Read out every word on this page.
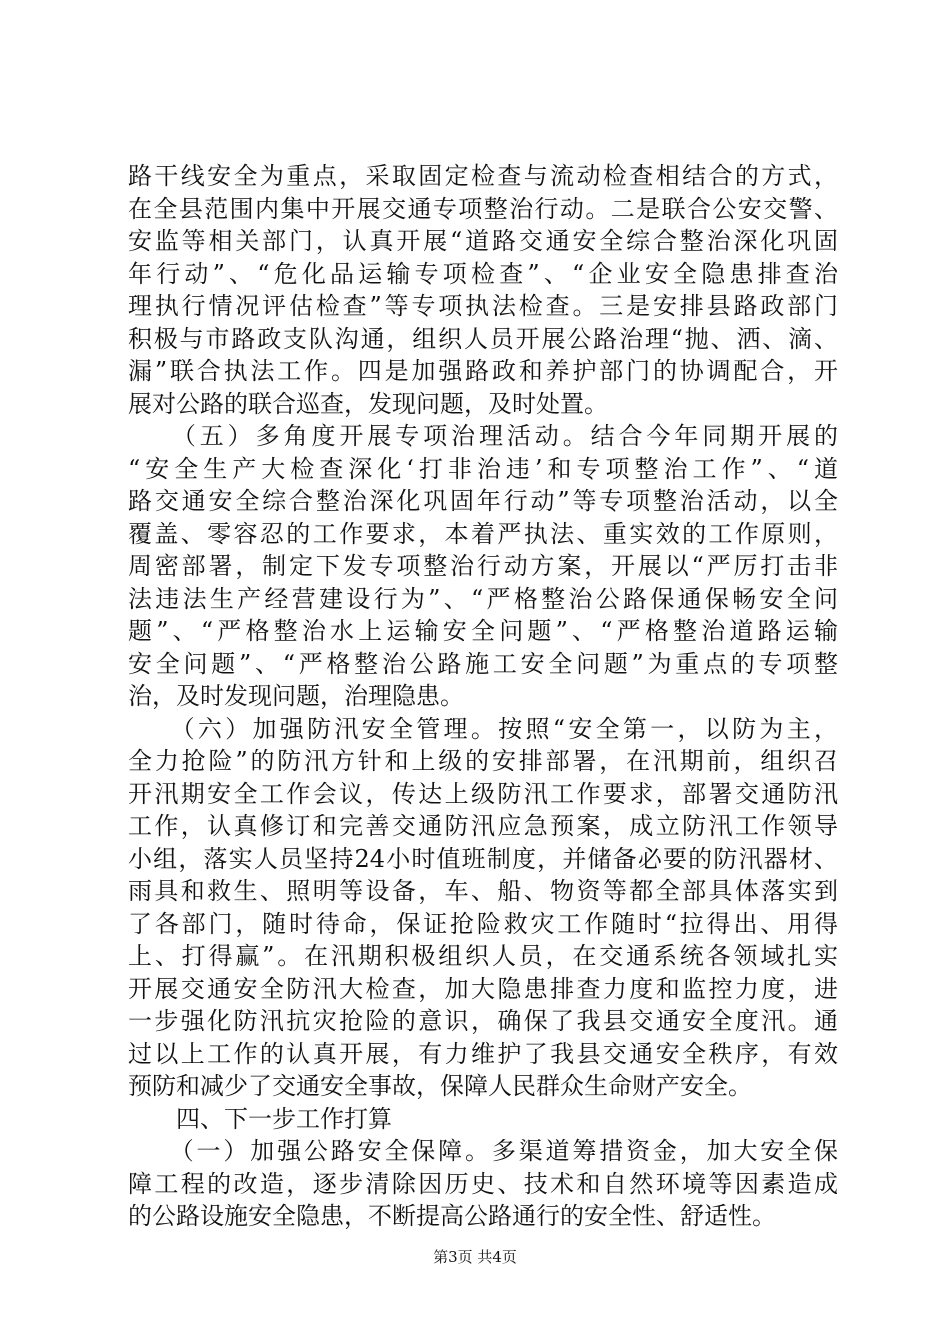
路干线安全为重点，采取固定检查与流动检查相结合的方式，
在全县范围内集中开展交通专项整治行动。二是联合公安交警、
安监等相关部门，认真开展“道路交通安全综合整治深化巩固
年行动”、“危化品运输专项检查”、“企业安全隐患排查治
理执行情况评估检查”等专项执法检查。三是安排县路政部门
积极与市路政支队沟通，组织人员开展公路治理“抛、洒、滴、
漏”联合执法工作。四是加强路政和养护部门的协调配合，开
展对公路的联合巡查，发现问题，及时处置。
　　（五）多角度开展专项治理活动。结合今年同期开展的
“安全生产大检查深化‘打非治违’和专项整治工作”、“道
路交通安全综合整治深化巩固年行动”等专项整治活动，以全
覆盖、零容忍的工作要求，本着严执法、重实效的工作原则，
周密部署，制定下发专项整治行动方案，开展以“严厉打击非
法违法生产经营建设行为”、“严格整治公路保通保畅安全问
题”、“严格整治水上运输安全问题”、“严格整治道路运输
安全问题”、“严格整治公路施工安全问题”为重点的专项整
治，及时发现问题，治理隐患。
　　（六）加强防汛安全管理。按照“安全第一，以防为主，
全力抢险”的防汛方针和上级的安排部署，在汛期前，组织召
开汛期安全工作会议，传达上级防汛工作要求，部署交通防汛
工作，认真修订和完善交通防汛应急预案，成立防汛工作领导
小组，落实人员坚持24小时值班制度，并储备必要的防汛器材、
雨具和救生、照明等设备，车、船、物资等都全部具体落实到
了各部门，随时待命，保证抢险救灾工作随时“拉得出、用得
上、打得赢”。在汛期积极组织人员，在交通系统各领域扎实
开展交通安全防汛大检查，加大隐患排查力度和监控力度，进
一步强化防汛抗灾抢险的意识，确保了我县交通安全度汛。通
过以上工作的认真开展，有力维护了我县交通安全秩序，有效
预防和减少了交通安全事故，保障人民群众生命财产安全。
　　四、下一步工作打算
　　（一）加强公路安全保障。多渠道筹措资金，加大安全保
障工程的改造，逐步清除因历史、技术和自然环境等因素造成
的公路设施安全隐患，不断提高公路通行的安全性、舒适性。
第3页 共4页
